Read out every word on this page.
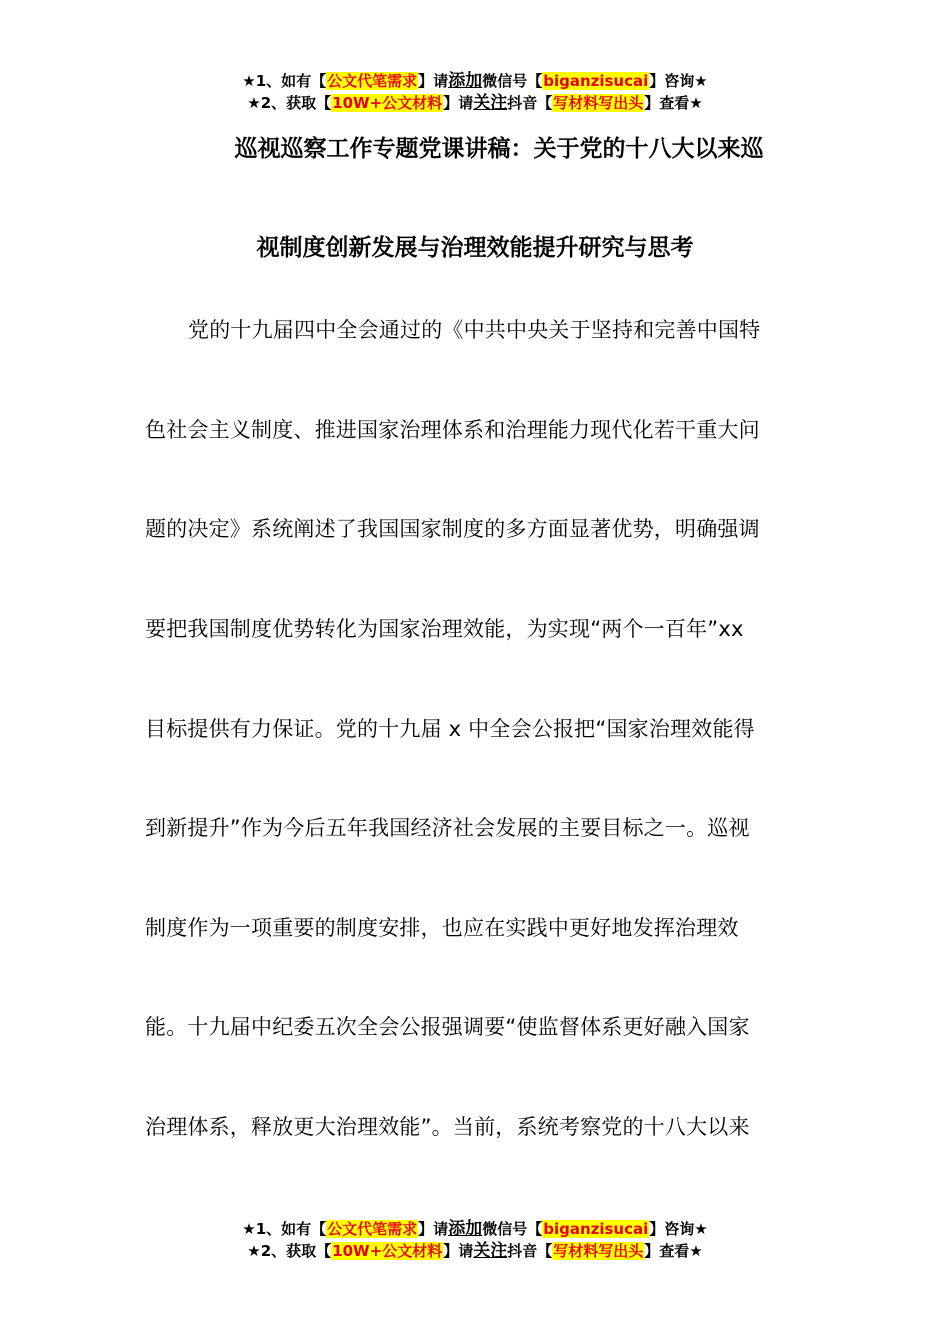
★1、如有【公文代笔需求】请添加微信号【biganzisucai】咨询★
★2、获取【10W+公文材料】请关注抖音【写材料写出头】查看★
巡视巡察工作专题党课讲稿：关于党的十八大以来巡
视制度创新发展与治理效能提升研究与思考
党的十九届四中全会通过的《中共中央关于坚持和完善中国特
色社会主义制度、推进国家治理体系和治理能力现代化若干重大问
题的决定》系统阐述了我国国家制度的多方面显著优势，明确强调
要把我国制度优势转化为国家治理效能，为实现“两个一百年”xx
目标提供有力保证。党的十九届 x 中全会公报把“国家治理效能得
到新提升”作为今后五年我国经济社会发展的主要目标之一。巡视
制度作为一项重要的制度安排，也应在实践中更好地发挥治理效
能。十九届中纪委五次全会公报强调要“使监督体系更好融入国家
治理体系，释放更大治理效能”。当前，系统考察党的十八大以来
★1、如有【公文代笔需求】请添加微信号【biganzisucai】咨询★
★2、获取【10W+公文材料】请关注抖音【写材料写出头】查看★
